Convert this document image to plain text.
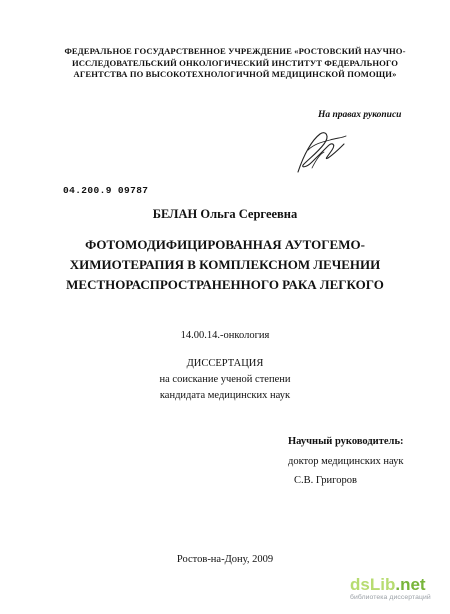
ФЕДЕРАЛЬНОЕ ГОСУДАРСТВЕННОЕ УЧРЕЖДЕНИЕ «РОСТОВСКИЙ НАУЧНО-
ИССЛЕДОВАТЕЛЬСКИЙ ОНКОЛОГИЧЕСКИЙ ИНСТИТУТ ФЕДЕРАЛЬНОГО
АГЕНТСТВА ПО ВЫСОКОТЕХНОЛОГИЧНОЙ МЕДИЦИНСКОЙ ПОМОЩИ»
На правах рукописи
04.200.9 09787
БЕЛАН Ольга Сергеевна
ФОТОМОДИФИЦИРОВАННАЯ АУТОГЕМО-
ХИМИОТЕРАПИЯ В КОМПЛЕКСНОМ ЛЕЧЕНИИ
МЕСТНОРАСПРОСТРАНЕННОГО РАКА ЛЕГКОГО
14.00.14.-онкология
ДИССЕРТАЦИЯ
на соискание ученой степени
кандидата медицинских наук
Научный руководитель:
доктор медицинских наук
С.В. Григоров
Ростов-на-Дону, 2009
dsLib.net
библиотека диссертаций
